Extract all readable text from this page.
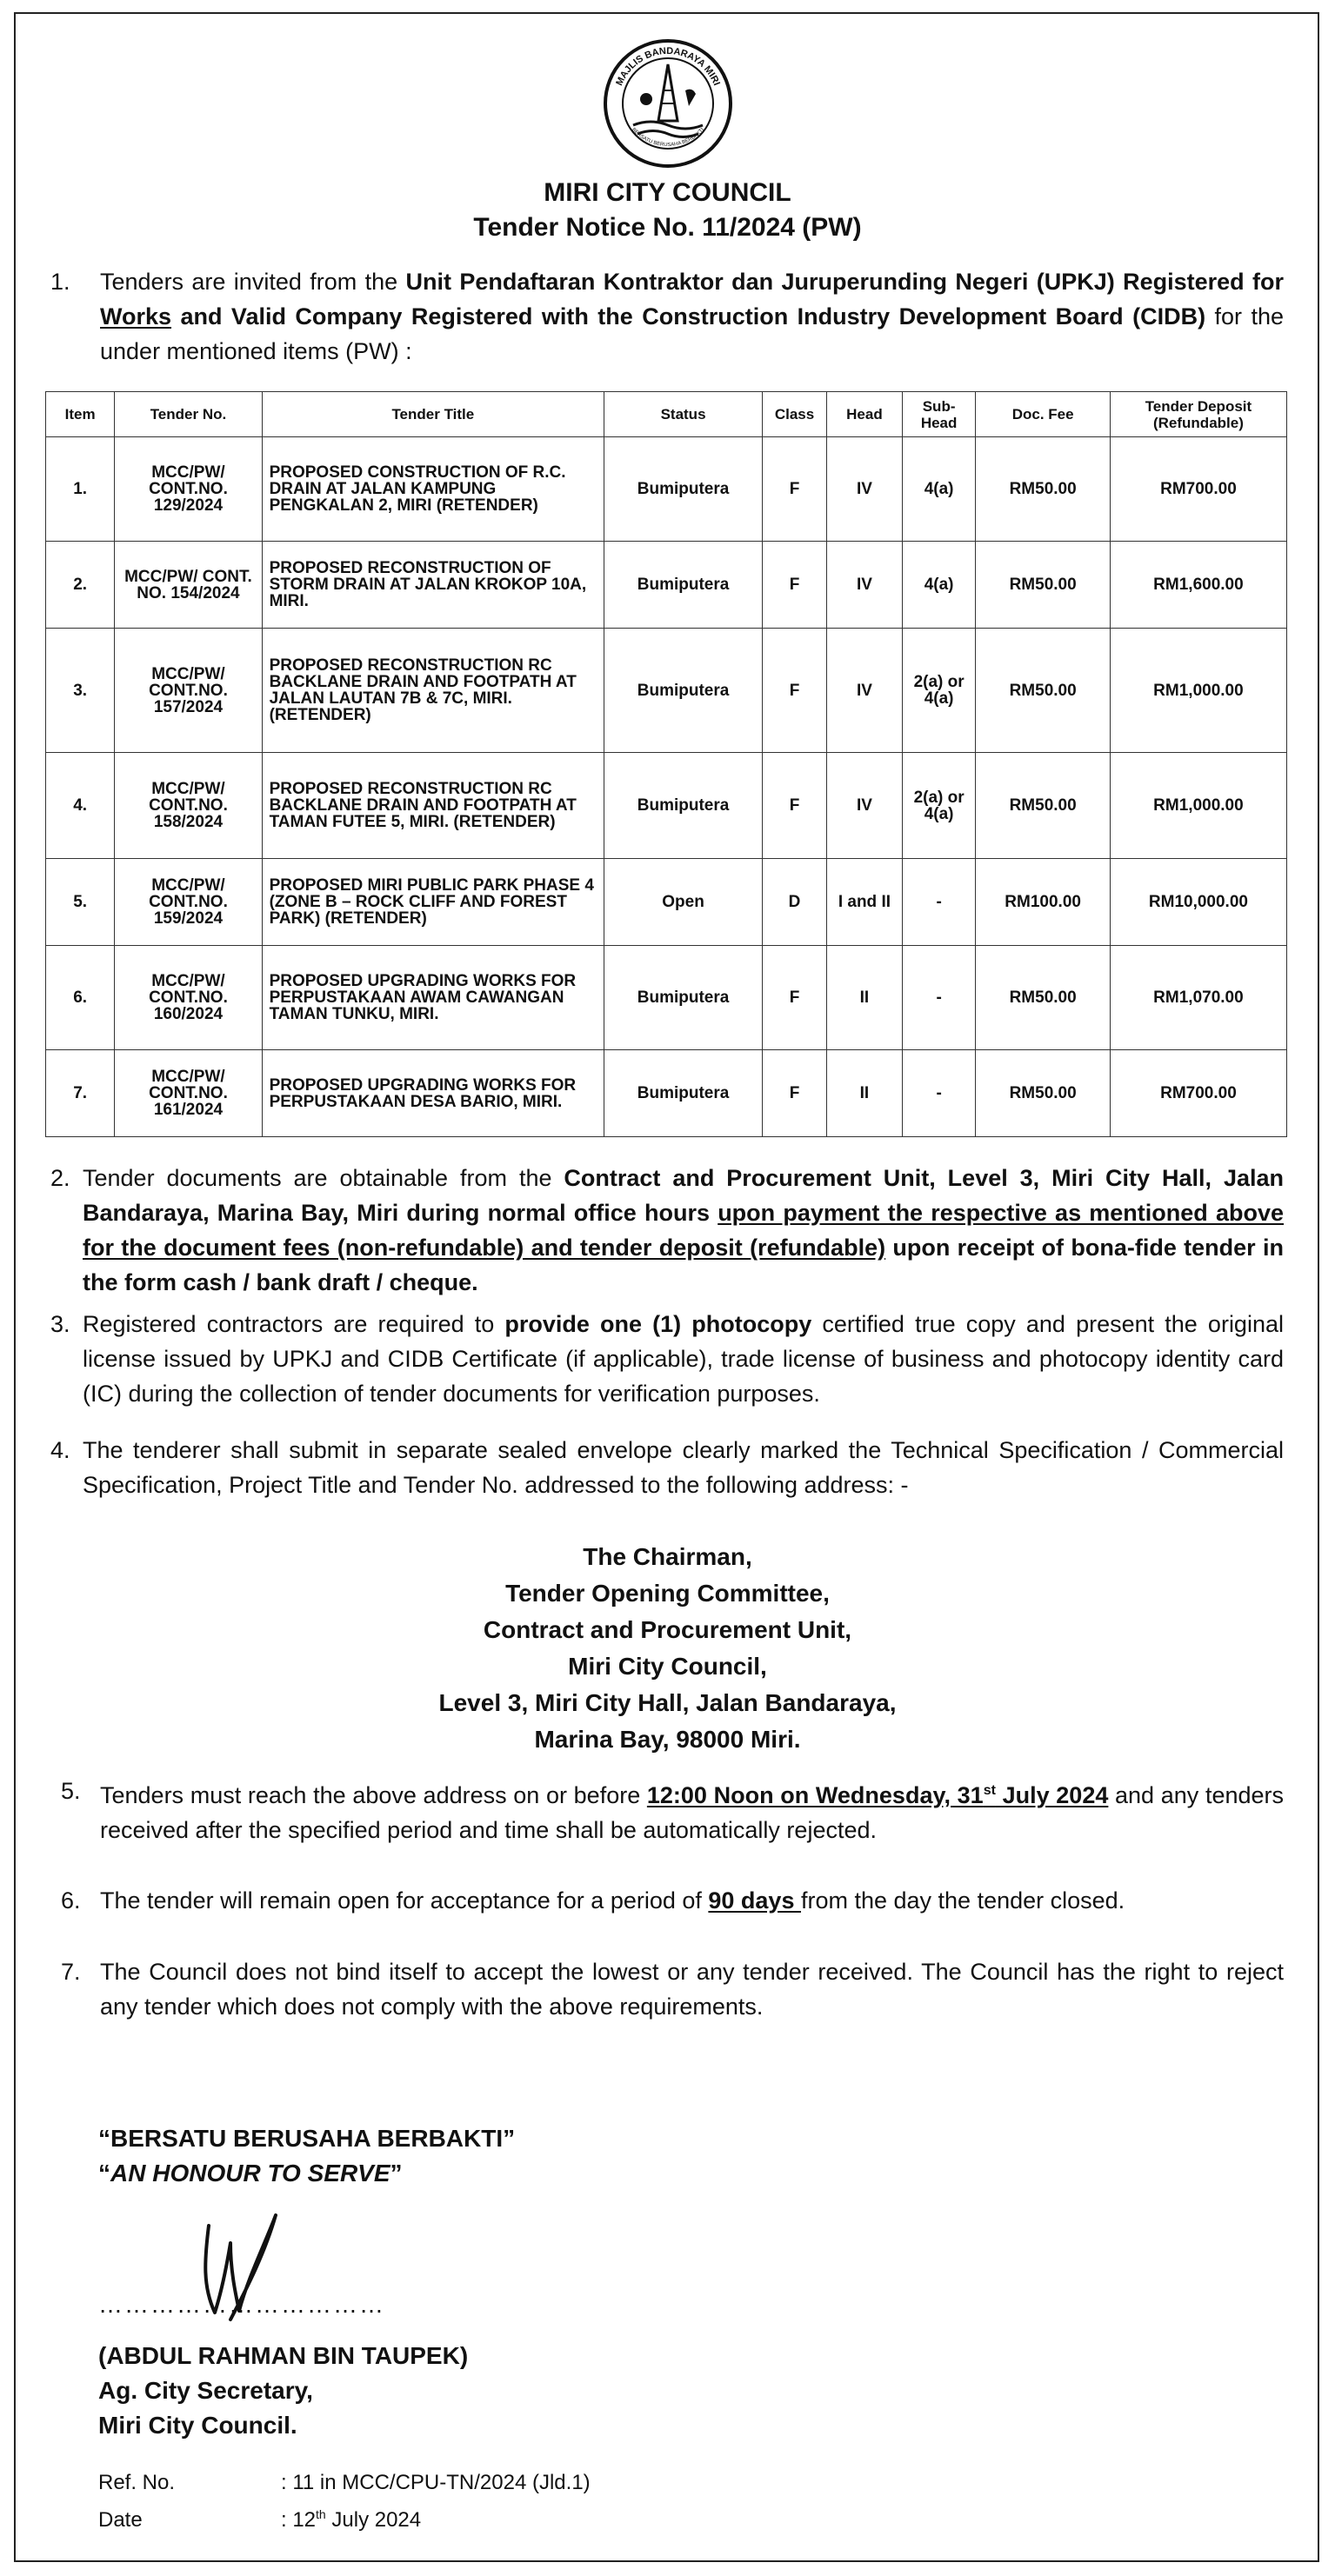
MAJLIS BANDARAYA MIRI
BERSATU BERUSAHA BERBAKTI
MIRI CITY COUNCIL
Tender Notice No. 11/2024 (PW)
1. Tenders are invited from the Unit Pendaftaran Kontraktor dan Juruperunding Negeri (UPKJ) Registered for Works and Valid Company Registered with the Construction Industry Development Board (CIDB) for the under mentioned items (PW) :
Item	Tender No.	Tender Title	Status	Class	Head	Sub-Head	Doc. Fee	Tender Deposit (Refundable)
1.	MCC/PW/ CONT.NO. 129/2024	PROPOSED CONSTRUCTION OF R.C. DRAIN AT JALAN KAMPUNG PENGKALAN 2, MIRI (RETENDER)	Bumiputera	F	IV	4(a)	RM50.00	RM700.00
2.	MCC/PW/ CONT. NO. 154/2024	PROPOSED RECONSTRUCTION OF STORM DRAIN AT JALAN KROKOP 10A, MIRI.	Bumiputera	F	IV	4(a)	RM50.00	RM1,600.00
3.	MCC/PW/ CONT.NO. 157/2024	PROPOSED RECONSTRUCTION RC BACKLANE DRAIN AND FOOTPATH AT JALAN LAUTAN 7B & 7C, MIRI. (RETENDER)	Bumiputera	F	IV	2(a) or 4(a)	RM50.00	RM1,000.00
4.	MCC/PW/ CONT.NO. 158/2024	PROPOSED RECONSTRUCTION RC BACKLANE DRAIN AND FOOTPATH AT TAMAN FUTEE 5, MIRI. (RETENDER)	Bumiputera	F	IV	2(a) or 4(a)	RM50.00	RM1,000.00
5.	MCC/PW/ CONT.NO. 159/2024	PROPOSED MIRI PUBLIC PARK PHASE 4 (ZONE B – ROCK CLIFF AND FOREST PARK) (RETENDER)	Open	D	I and II	-	RM100.00	RM10,000.00
6.	MCC/PW/ CONT.NO. 160/2024	PROPOSED UPGRADING WORKS FOR PERPUSTAKAAN AWAM CAWANGAN TAMAN TUNKU, MIRI.	Bumiputera	F	II	-	RM50.00	RM1,070.00
7.	MCC/PW/ CONT.NO. 161/2024	PROPOSED UPGRADING WORKS FOR PERPUSTAKAAN DESA BARIO, MIRI.	Bumiputera	F	II	-	RM50.00	RM700.00
2. Tender documents are obtainable from the Contract and Procurement Unit, Level 3, Miri City Hall, Jalan Bandaraya, Marina Bay, Miri during normal office hours upon payment the respective as mentioned above for the document fees (non-refundable) and tender deposit (refundable) upon receipt of bona-fide tender in the form cash / bank draft / cheque.
3. Registered contractors are required to provide one (1) photocopy certified true copy and present the original license issued by UPKJ and CIDB Certificate (if applicable), trade license of business and photocopy identity card (IC) during the collection of tender documents for verification purposes.
4. The tenderer shall submit in separate sealed envelope clearly marked the Technical Specification / Commercial Specification, Project Title and Tender No. addressed to the following address: -
The Chairman,
Tender Opening Committee,
Contract and Procurement Unit,
Miri City Council,
Level 3, Miri City Hall, Jalan Bandaraya,
Marina Bay, 98000 Miri.
5. Tenders must reach the above address on or before 12:00 Noon on Wednesday, 31st July 2024 and any tenders received after the specified period and time shall be automatically rejected.
6. The tender will remain open for acceptance for a period of 90 days from the day the tender closed.
7. The Council does not bind itself to accept the lowest or any tender received. The Council has the right to reject any tender which does not comply with the above requirements.
“BERSATU BERUSAHA BERBAKTI”
“AN HONOUR TO SERVE”
……………………………
(ABDUL RAHMAN BIN TAUPEK)
Ag. City Secretary,
Miri City Council.
Ref. No.	: 11 in MCC/CPU-TN/2024 (Jld.1)
Date	: 12th July 2024
